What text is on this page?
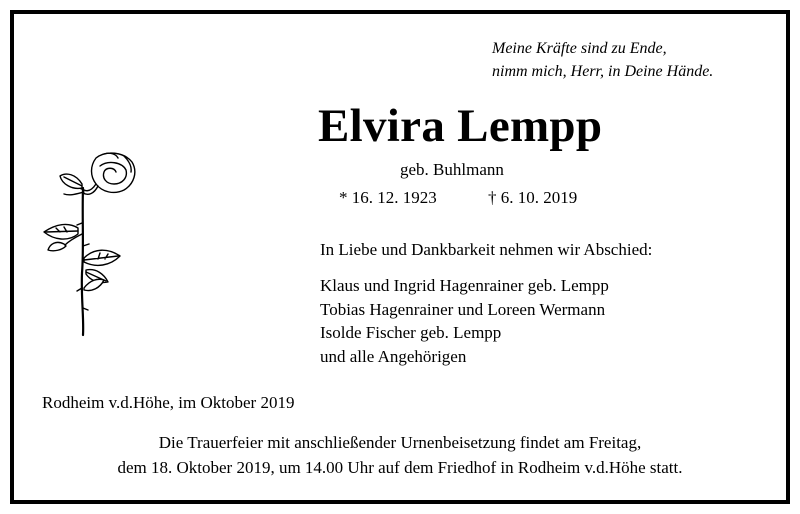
Meine Kräfte sind zu Ende,
nimm mich, Herr, in Deine Hände.
Elvira Lempp
geb. Buhlmann
* 16. 12. 1923	† 6. 10. 2019
In Liebe und Dankbarkeit nehmen wir Abschied:
Klaus und Ingrid Hagenrainer geb. Lempp
Tobias Hagenrainer und Loreen Wermann
Isolde Fischer geb. Lempp
und alle Angehörigen
Rodheim v.d.Höhe, im Oktober 2019
Die Trauerfeier mit anschließender Urnenbeisetzung findet am Freitag,
dem 18. Oktober 2019, um 14.00 Uhr auf dem Friedhof in Rodheim v.d.Höhe statt.
